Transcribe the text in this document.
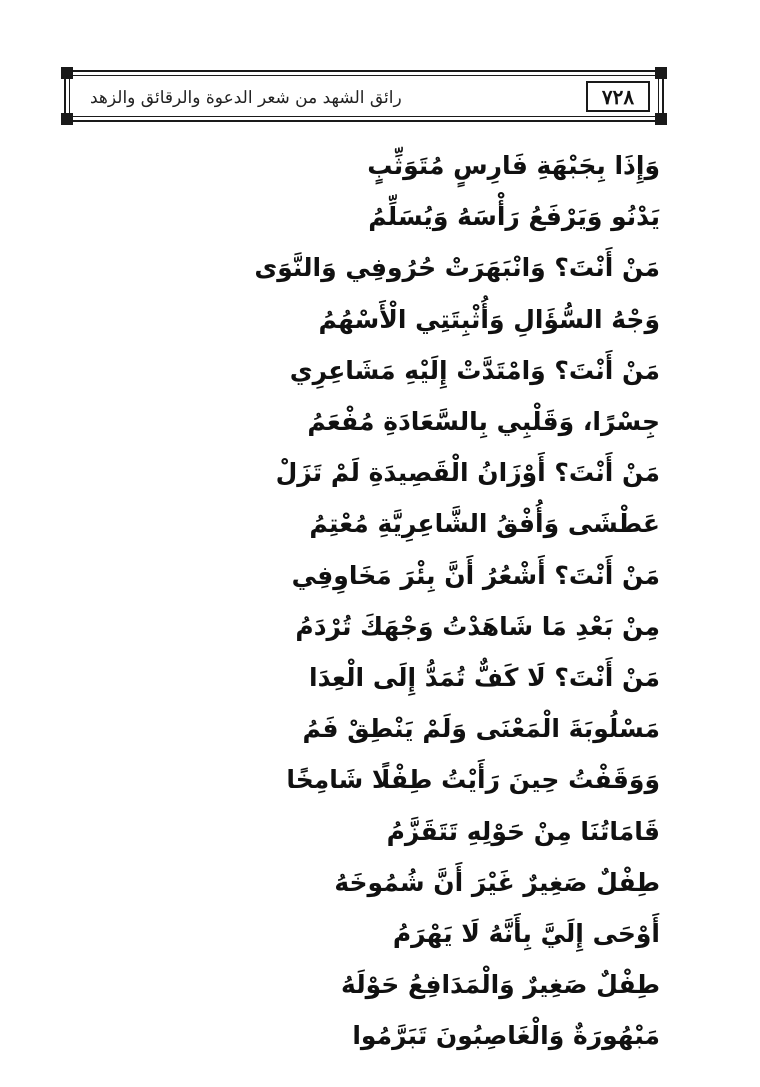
٧٢٨
رائق الشهد من شعر الدعوة والرقائق والزهد
وَإِذَا بِجَبْهَةِ فَارِسٍ مُتَوَثِّبٍ
يَدْنُو وَيَرْفَعُ رَأْسَهُ وَيُسَلِّمُ
مَنْ أَنْتَ؟ وَانْبَهَرَتْ حُرُوفِي وَالنَّوَى
وَجْهُ السُّؤَالِ وَأُثْبِتَتِي الْأَسْهُمُ
مَنْ أَنْتَ؟ وَامْتَدَّتْ إِلَيْهِ مَشَاعِرِي
جِسْرًا، وَقَلْبِي بِالسَّعَادَةِ مُفْعَمُ
مَنْ أَنْتَ؟ أَوْزَانُ الْقَصِيدَةِ لَمْ تَزَلْ
عَطْشَى وَأُفْقُ الشَّاعِرِيَّةِ مُعْتِمُ
مَنْ أَنْتَ؟ أَشْعُرُ أَنَّ بِئْرَ مَخَاوِفِي
مِنْ بَعْدِ مَا شَاهَدْتُ وَجْهَكَ تُرْدَمُ
مَنْ أَنْتَ؟ لَا كَفٌّ تُمَدُّ إِلَى الْعِدَا
مَسْلُوبَةَ الْمَعْنَى وَلَمْ يَنْطِقْ فَمُ
وَوَقَفْتُ حِينَ رَأَيْتُ طِفْلًا شَامِخًا
قَامَاتُنَا مِنْ حَوْلِهِ تَتَقَزَّمُ
طِفْلٌ صَغِيرٌ غَيْرَ أَنَّ شُمُوخَهُ
أَوْحَى إِلَيَّ بِأَنَّهُ لَا يَهْرَمُ
طِفْلٌ صَغِيرٌ وَالْمَدَافِعُ حَوْلَهُ
مَبْهُورَةٌ وَالْغَاصِبُونَ تَبَرَّمُوا
